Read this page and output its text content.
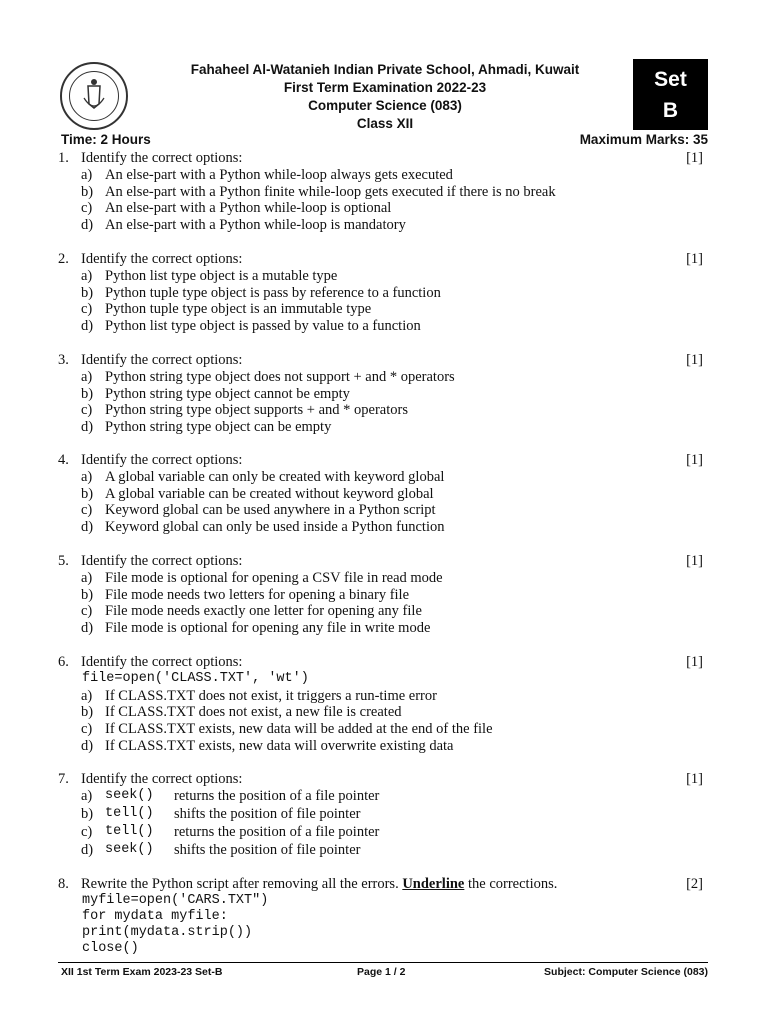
Fahaheel Al-Watanieh Indian Private School, Ahmadi, Kuwait
First Term Examination 2022-23
Computer Science (083)
Class XII
Set
B
Time: 2 Hours	Maximum Marks: 35
1. Identify the correct options:	[1]
a) An else-part with a Python while-loop always gets executed
b) An else-part with a Python finite while-loop gets executed if there is no break
c) An else-part with a Python while-loop is optional
d) An else-part with a Python while-loop is mandatory
2. Identify the correct options:	[1]
a) Python list type object is a mutable type
b) Python tuple type object is pass by reference to a function
c) Python tuple type object is an immutable type
d) Python list type object is passed by value to a function
3. Identify the correct options:	[1]
a) Python string type object does not support + and * operators
b) Python string type object cannot be empty
c) Python string type object supports + and * operators
d) Python string type object can be empty
4. Identify the correct options:	[1]
a) A global variable can only be created with keyword global
b) A global variable can be created without keyword global
c) Keyword global can be used anywhere in a Python script
d) Keyword global can only be used inside a Python function
5. Identify the correct options:	[1]
a) File mode is optional for opening a CSV file in read mode
b) File mode needs two letters for opening a binary file
c) File mode needs exactly one letter for opening any file
d) File mode is optional for opening any file in write mode
6. Identify the correct options:	[1]
file=open('CLASS.TXT', 'wt')
a) If CLASS.TXT does not exist, it triggers a run-time error
b) If CLASS.TXT does not exist, a new file is created
c) If CLASS.TXT exists, new data will be added at the end of the file
d) If CLASS.TXT exists, new data will overwrite existing data
7. Identify the correct options:	[1]
a) seek() returns the position of a file pointer
b) tell() shifts the position of file pointer
c) tell() returns the position of a file pointer
d) seek() shifts the position of file pointer
8. Rewrite the Python script after removing all the errors. Underline the corrections.	[2]
myfile=open('CARS.TXT")
for mydata myfile:
print(mydata.strip())
close()
XII 1st Term Exam 2023-23 Set-B	Page 1 / 2	Subject: Computer Science (083)
